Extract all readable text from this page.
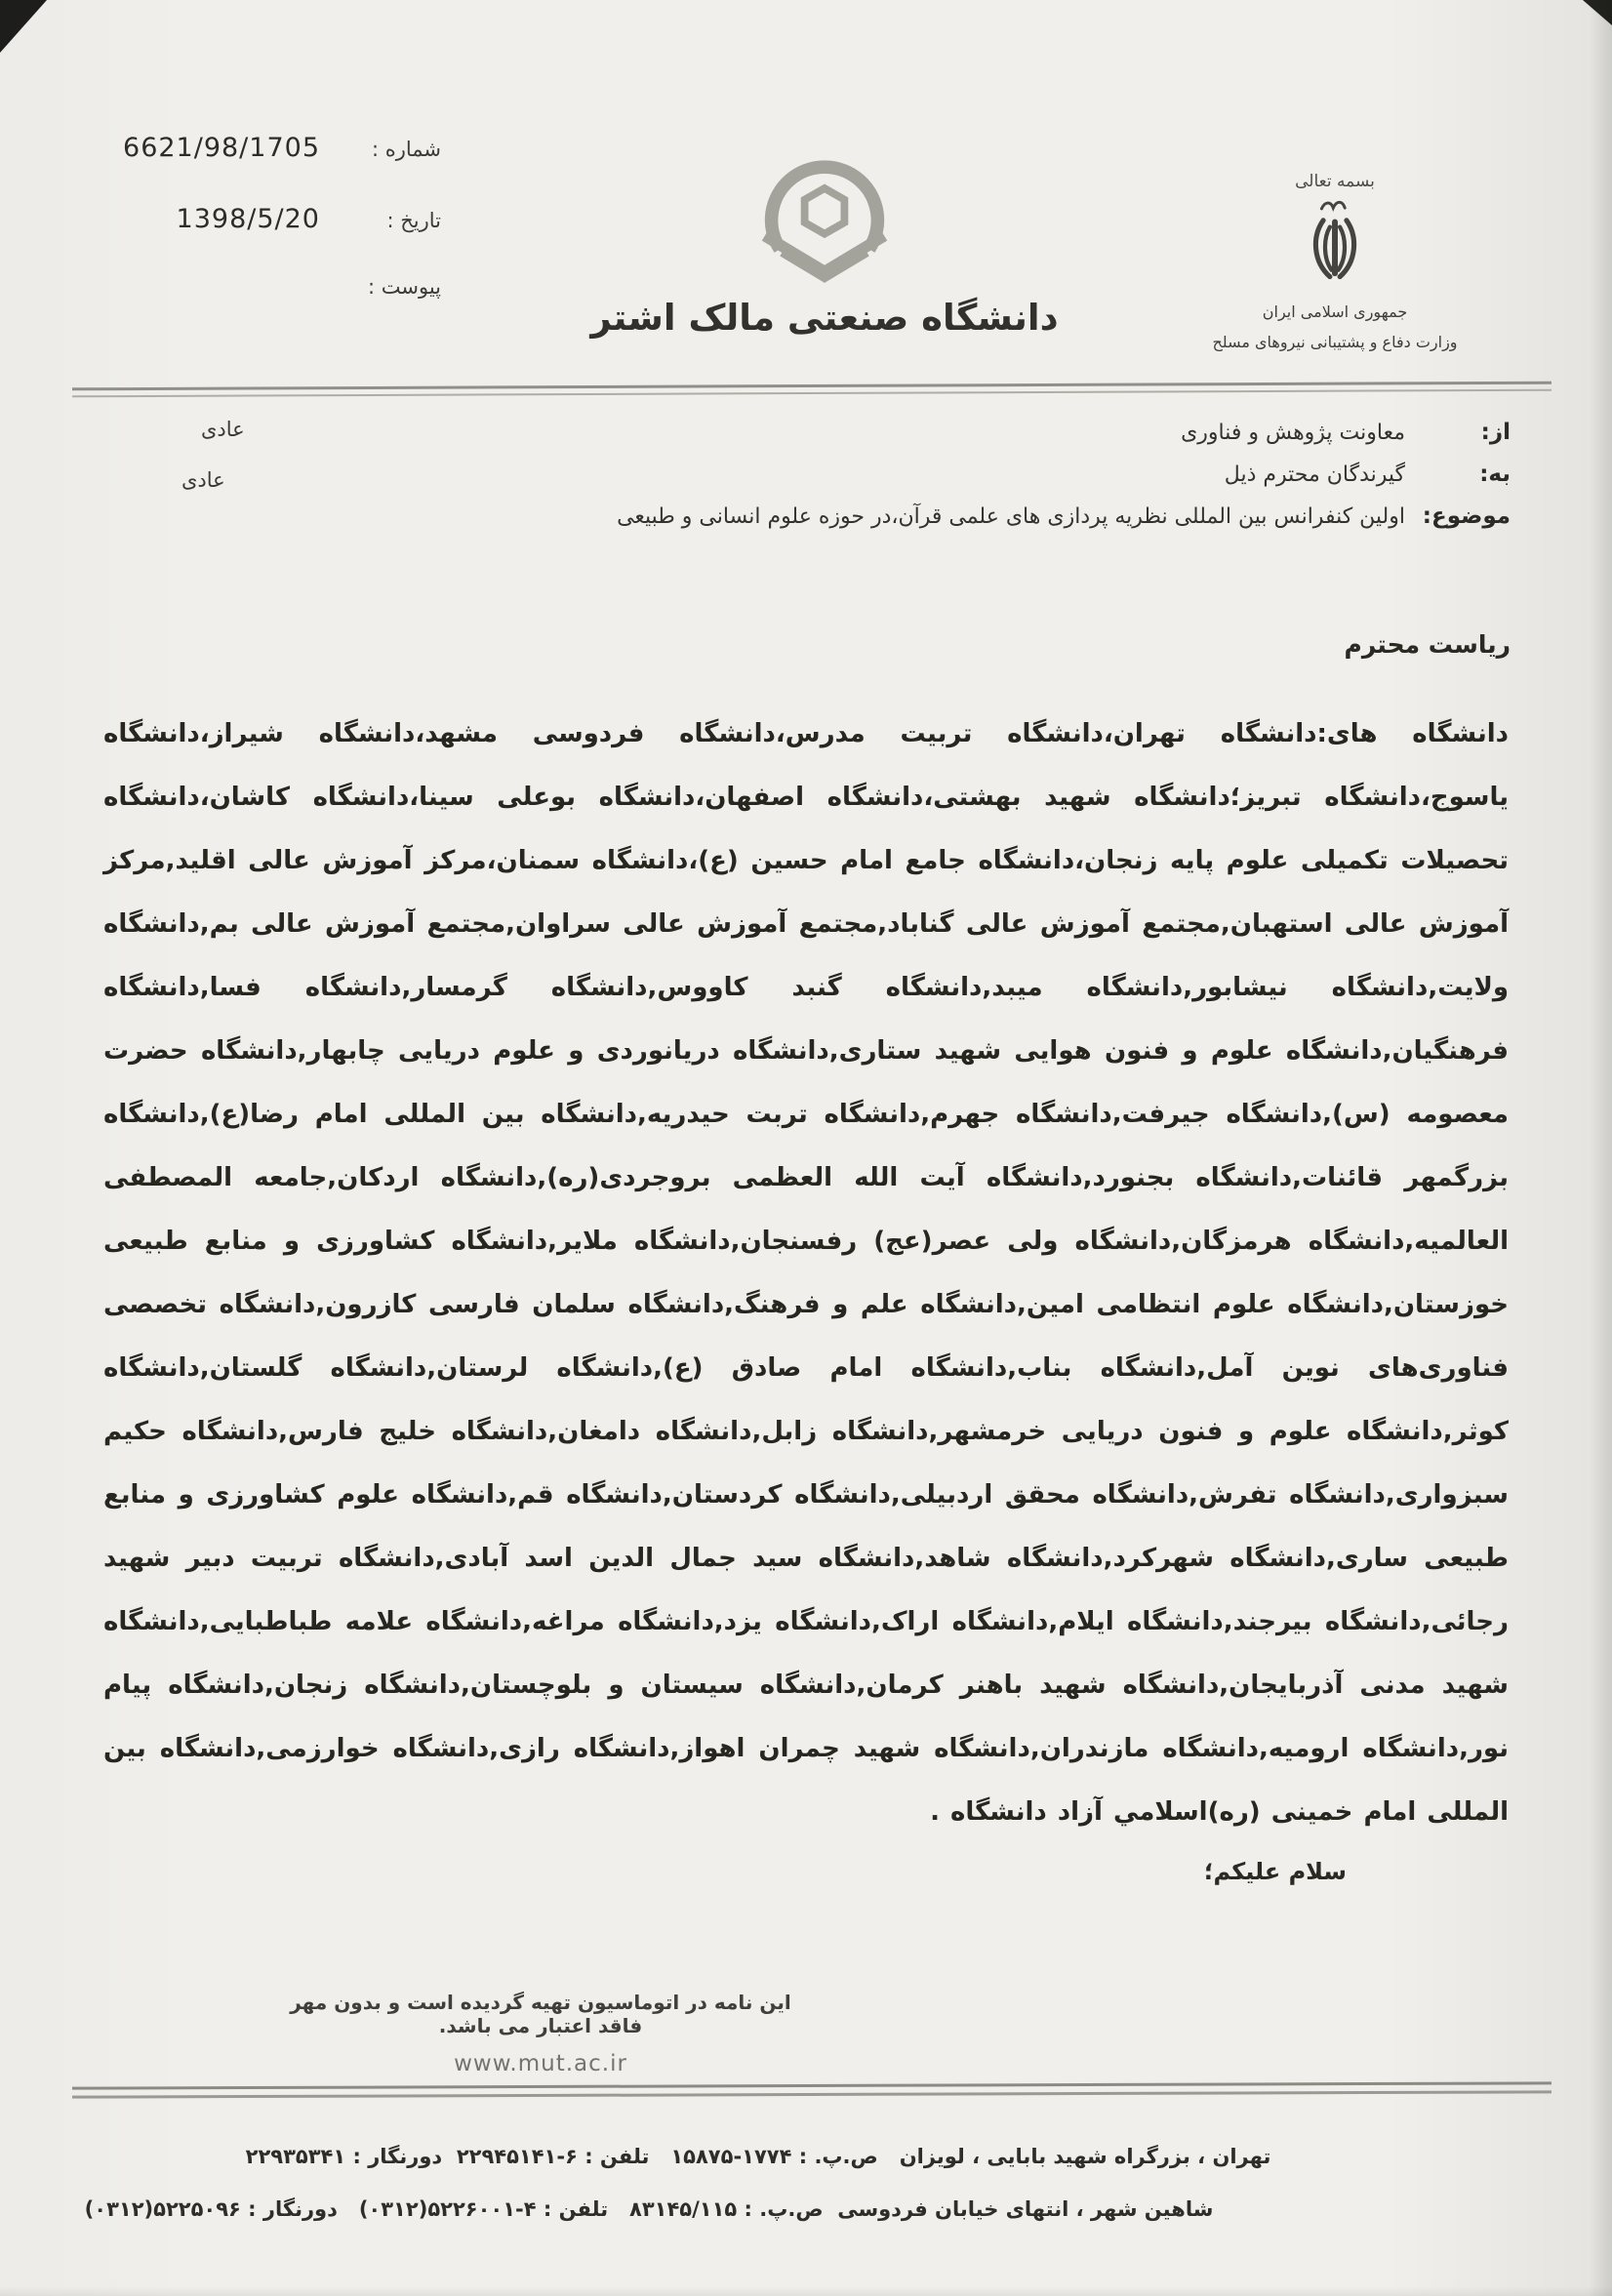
شماره :
6621/98/1705
تاریخ :
1398/5/20
پیوست :
دانشگاه صنعتی مالک اشتر
بسمه تعالی
جمهوری اسلامی ایران
وزارت دفاع و پشتیبانی نیروهای مسلح
از:
معاونت پژوهش و فناوری
به:
گیرندگان محترم ذیل
موضوع:
اولین کنفرانس بین المللی نظریه پردازی های علمی قرآن،در حوزه علوم انسانی و طبیعی
عادی
عادی
ریاست محترم
دانشگاه های:دانشگاه تهران،دانشگاه تربیت مدرس،دانشگاه فردوسی مشهد،دانشگاه شیراز،دانشگاه یاسوج،دانشگاه تبریز؛دانشگاه شهید بهشتی،دانشگاه اصفهان،دانشگاه بوعلی سینا،دانشگاه کاشان،دانشگاه تحصیلات تکمیلی علوم پایه زنجان،دانشگاه جامع امام حسین (ع)،دانشگاه سمنان،مرکز آموزش عالی اقلید,مرکز آموزش عالی استهبان,مجتمع آموزش عالی گناباد,مجتمع آموزش عالی سراوان,مجتمع آموزش عالی بم,دانشگاه ولایت,دانشگاه نیشابور,دانشگاه میبد,دانشگاه گنبد کاووس,دانشگاه گرمسار,دانشگاه فسا,دانشگاه فرهنگیان,دانشگاه علوم و فنون هوایی شهید ستاری,دانشگاه دریانوردی و علوم دریایی چابهار,دانشگاه حضرت معصومه (س),دانشگاه جیرفت,دانشگاه جهرم,دانشگاه تربت حیدریه,دانشگاه بین المللی امام رضا(ع),دانشگاه بزرگمهر قائنات,دانشگاه بجنورد,دانشگاه آیت الله العظمی بروجردی(ره),دانشگاه اردکان,جامعه المصطفی العالمیه,دانشگاه هرمزگان,دانشگاه ولی عصر(عج) رفسنجان,دانشگاه ملایر,دانشگاه کشاورزی و منابع طبیعی خوزستان,دانشگاه علوم انتظامی امین,دانشگاه علم و فرهنگ,دانشگاه سلمان فارسی کازرون,دانشگاه تخصصی فناوری‌های نوین آمل,دانشگاه بناب,دانشگاه امام صادق (ع),دانشگاه لرستان,دانشگاه گلستان,دانشگاه کوثر,دانشگاه علوم و فنون دریایی خرمشهر,دانشگاه زابل,دانشگاه دامغان,دانشگاه خلیج فارس,دانشگاه حکیم سبزواری,دانشگاه تفرش,دانشگاه محقق اردبیلی,دانشگاه کردستان,دانشگاه قم,دانشگاه علوم کشاورزی و منابع طبیعی ساری,دانشگاه شهرکرد,دانشگاه شاهد,دانشگاه سید جمال الدین اسد آبادی,دانشگاه تربیت دبیر شهید رجائی,دانشگاه بیرجند,دانشگاه ایلام,دانشگاه اراک,دانشگاه یزد,دانشگاه مراغه,دانشگاه علامه طباطبایی,دانشگاه شهید مدنی آذربایجان,دانشگاه شهید باهنر کرمان,دانشگاه سیستان و بلوچستان,دانشگاه زنجان,دانشگاه پیام نور,دانشگاه ارومیه,دانشگاه مازندران,دانشگاه شهید چمران اهواز,دانشگاه رازی,دانشگاه خوارزمی,دانشگاه بین المللی امام خمینی (ره)اسلامي آزاد دانشگاه .
سلام علیکم؛
این نامه در اتوماسیون تهیه گردیده است و بدون مهر فاقد اعتبار می باشد.
www.mut.ac.ir
تهران ، بزرگراه شهید بابایی ، لویزان   ص.پ. : ۱۷۷۴-۱۵۸۷۵   تلفن : ۶-۲۲۹۴۵۱۴۱  دورنگار : ۲۲۹۳۵۳۴۱
شاهین شهر ، انتهای خیابان فردوسی  ص.پ. : ۸۳۱۴۵/۱۱۵   تلفن : ۴-۵۲۲۶۰۰۱(۰۳۱۲)   دورنگار : ۵۲۲۵۰۹۶(۰۳۱۲)
